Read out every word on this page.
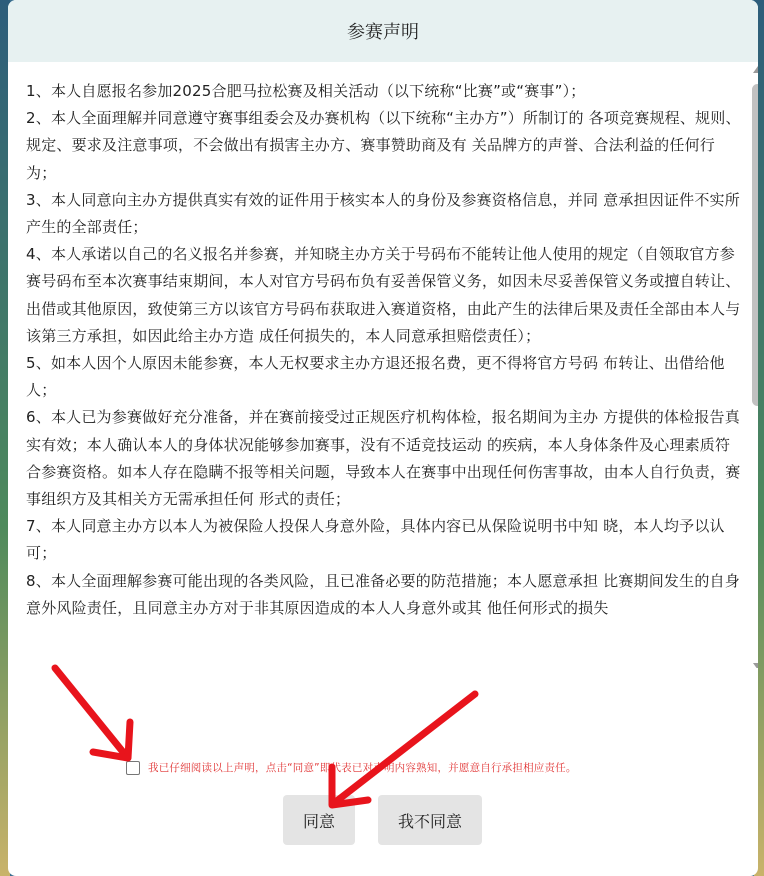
参赛声明

1、本人自愿报名参加2025合肥马拉松赛及相关活动（以下统称“比赛”或“赛事”）；

2、本人全面理解并同意遵守赛事组委会及办赛机构（以下统称“主办方”）所制订的 各项竞赛规程、规则、规定、要求及注意事项，不会做出有损害主办方、赛事赞助商及有 关品牌方的声誉、合法利益的任何行为；

3、本人同意向主办方提供真实有效的证件用于核实本人的身份及参赛资格信息，并同 意承担因证件不实所产生的全部责任；

4、本人承诺以自己的名义报名并参赛，并知晓主办方关于号码布不能转让他人使用的规定（自领取官方参赛号码布至本次赛事结束期间，本人对官方号码布负有妥善保管义务，如因未尽妥善保管义务或擅自转让、出借或其他原因，致使第三方以该官方号码布获取进入赛道资格，由此产生的法律后果及责任全部由本人与该第三方承担，如因此给主办方造 成任何损失的，本人同意承担赔偿责任）；

5、如本人因个人原因未能参赛，本人无权要求主办方退还报名费，更不得将官方号码 布转让、出借给他人；

6、本人已为参赛做好充分准备，并在赛前接受过正规医疗机构体检，报名期间为主办 方提供的体检报告真实有效；本人确认本人的身体状况能够参加赛事，没有不适竞技运动 的疾病，本人身体条件及心理素质符合参赛资格。如本人存在隐瞒不报等相关问题，导致本人在赛事中出现任何伤害事故，由本人自行负责，赛事组织方及其相关方无需承担任何 形式的责任；

7、本人同意主办方以本人为被保险人投保人身意外险，具体内容已从保险说明书中知 晓，本人均予以认可；

8、本人全面理解参赛可能出现的各类风险，且已准备必要的防范措施；本人愿意承担 比赛期间发生的自身意外风险责任，且同意主办方对于非其原因造成的本人人身意外或其 他任何形式的损失

我已仔细阅读以上声明，点击“同意”即代表已对声明内容熟知，并愿意自行承担相应责任。
同意	我不同意
